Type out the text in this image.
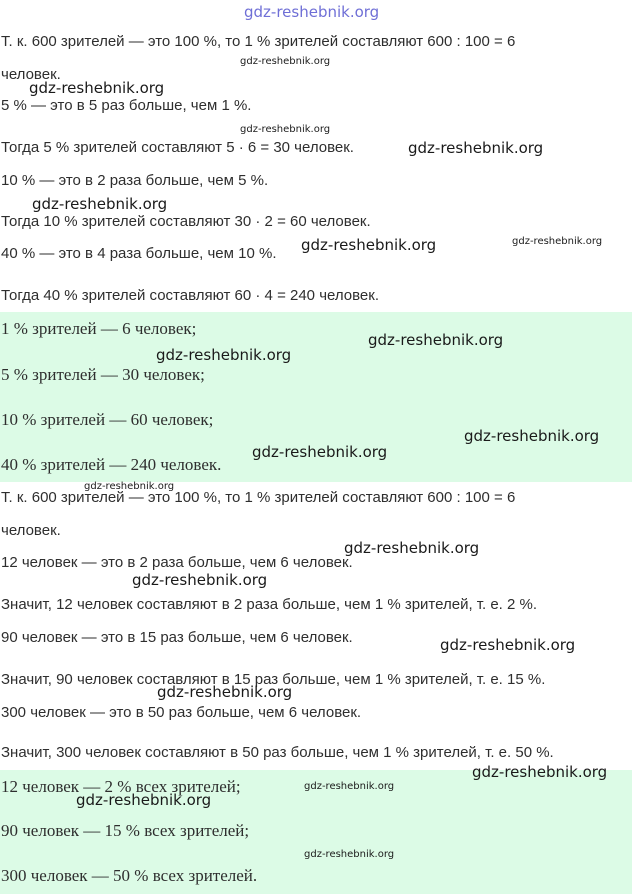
Т. к. 600 зрителей — это 100 %, то 1 % зрителей составляют 600 : 100 = 6
человек.
5 % — это в 5 раз больше, чем 1 %.
Тогда 5 % зрителей составляют 5 · 6 = 30 человек.
10 % — это в 2 раза больше, чем 5 %.
Тогда 10 % зрителей составляют 30 · 2 = 60 человек.
40 % — это в 4 раза больше, чем 10 %.
Тогда 40 % зрителей составляют 60 · 4 = 240 человек.
1 % зрителей — 6 человек;
5 % зрителей — 30 человек;
10 % зрителей — 60 человек;
40 % зрителей — 240 человек.
Т. к. 600 зрителей — это 100 %, то 1 % зрителей составляют 600 : 100 = 6
человек.
12 человек — это в 2 раза больше, чем 6 человек.
Значит, 12 человек составляют в 2 раза больше, чем 1 % зрителей, т. е. 2 %.
90 человек — это в 15 раз больше, чем 6 человек.
Значит, 90 человек составляют в 15 раз больше, чем 1 % зрителей, т. е. 15 %.
300 человек — это в 50 раз больше, чем 6 человек.
Значит, 300 человек составляют в 50 раз больше, чем 1 % зрителей, т. е. 50 %.
12 человек — 2 % всех зрителей;
90 человек — 15 % всех зрителей;
300 человек — 50 % всех зрителей.
gdz-reshebnik.org
gdz-reshebnik.org
gdz-reshebnik.org
gdz-reshebnik.org
gdz-reshebnik.org
gdz-reshebnik.org
gdz-reshebnik.org	gdz-reshebnik.org
gdz-reshebnik.org
gdz-reshebnik.org
gdz-reshebnik.org
gdz-reshebnik.org
gdz-reshebnik.org
gdz-reshebnik.org
gdz-reshebnik.org
gdz-reshebnik.org
gdz-reshebnik.org
gdz-reshebnik.org
gdz-reshebnik.org
gdz-reshebnik.org
gdz-reshebnik.org
